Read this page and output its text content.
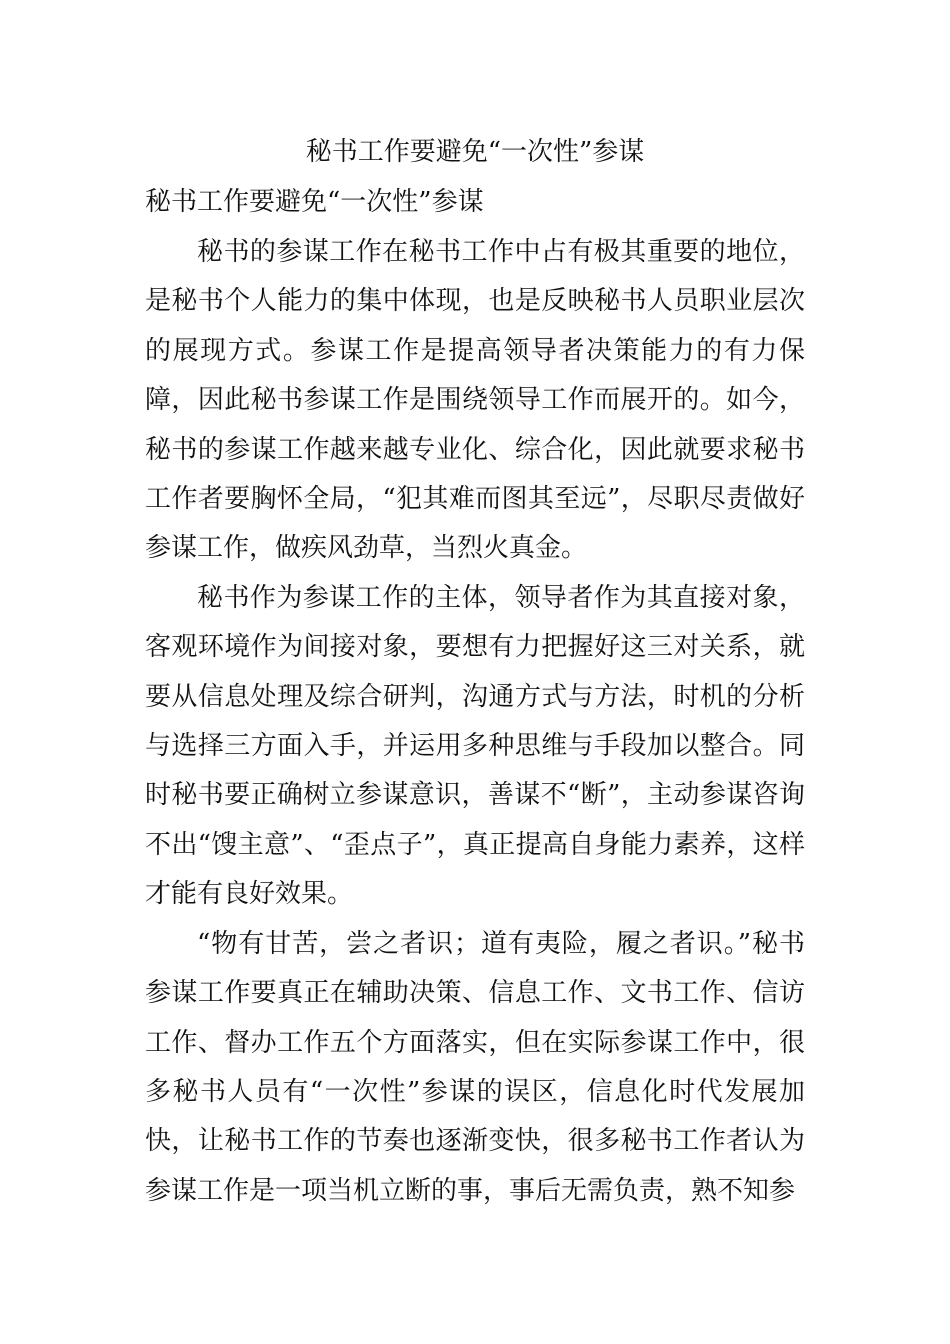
秘书工作要避免“一次性”参谋
秘书工作要避免“一次性”参谋

秘书的参谋工作在秘书工作中占有极其重要的地位，是秘书个人能力的集中体现，也是反映秘书人员职业层次的展现方式。参谋工作是提高领导者决策能力的有力保障，因此秘书参谋工作是围绕领导工作而展开的。如今，秘书的参谋工作越来越专业化、综合化，因此就要求秘书工作者要胸怀全局，“犯其难而图其至远”，尽职尽责做好参谋工作，做疾风劲草，当烈火真金。

秘书作为参谋工作的主体，领导者作为其直接对象，客观环境作为间接对象，要想有力把握好这三对关系，就要从信息处理及综合研判，沟通方式与方法，时机的分析与选择三方面入手，并运用多种思维与手段加以整合。同时秘书要正确树立参谋意识，善谋不“断”，主动参谋咨询不出“馊主意”、“歪点子”，真正提高自身能力素养，这样才能有良好效果。

“物有甘苦，尝之者识；道有夷险，履之者识。”秘书参谋工作要真正在辅助决策、信息工作、文书工作、信访工作、督办工作五个方面落实，但在实际参谋工作中，很多秘书人员有“一次性”参谋的误区，信息化时代发展加快，让秘书工作的节奏也逐渐变快，很多秘书工作者认为参谋工作是一项当机立断的事，事后无需负责，熟不知参
